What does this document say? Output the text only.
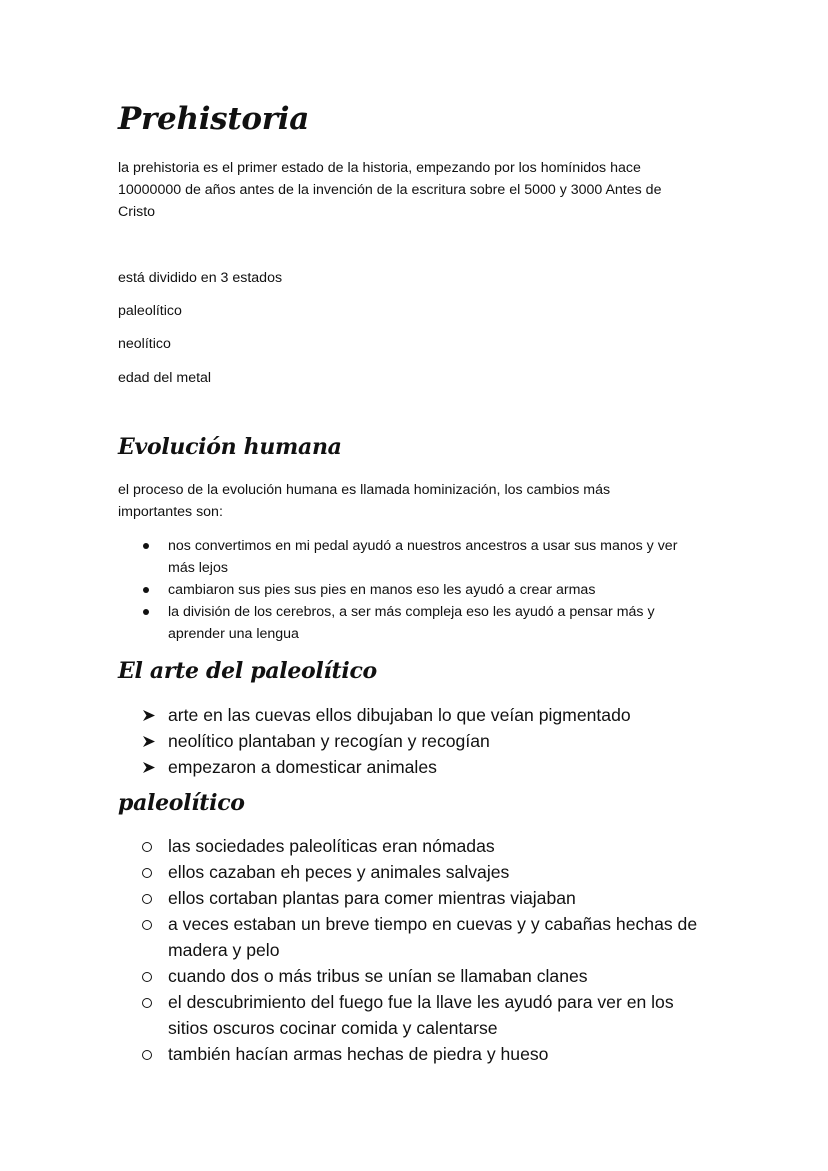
Prehistoria

la prehistoria es el primer estado de la historia, empezando por los homínidos hace
10000000 de años antes de la invención de la escritura sobre el 5000 y 3000 Antes de
Cristo

está dividido en 3 estados

paleolítico

neolítico

edad del metal

Evolución humana

el proceso de la evolución humana es llamada hominización, los cambios más
importantes son:

nos convertimos en mi pedal ayudó a nuestros ancestros a usar sus manos y ver
más lejos
cambiaron sus pies sus pies en manos eso les ayudó a crear armas
la división de los cerebros, a ser más compleja eso les ayudó a pensar más y
aprender una lengua
El arte del paleolítico
arte en las cuevas ellos dibujaban lo que veían pigmentado
neolítico plantaban y recogían y recogían
empezaron a domesticar animales
paleolítico
las sociedades paleolíticas eran nómadas
ellos cazaban eh peces y animales salvajes
ellos cortaban plantas para comer mientras viajaban
a veces estaban un breve tiempo en cuevas y y cabañas hechas de
madera y pelo
cuando dos o más tribus se unían se llamaban clanes
el descubrimiento del fuego fue la llave les ayudó para ver en los
sitios oscuros cocinar comida y calentarse
también hacían armas hechas de piedra y hueso
